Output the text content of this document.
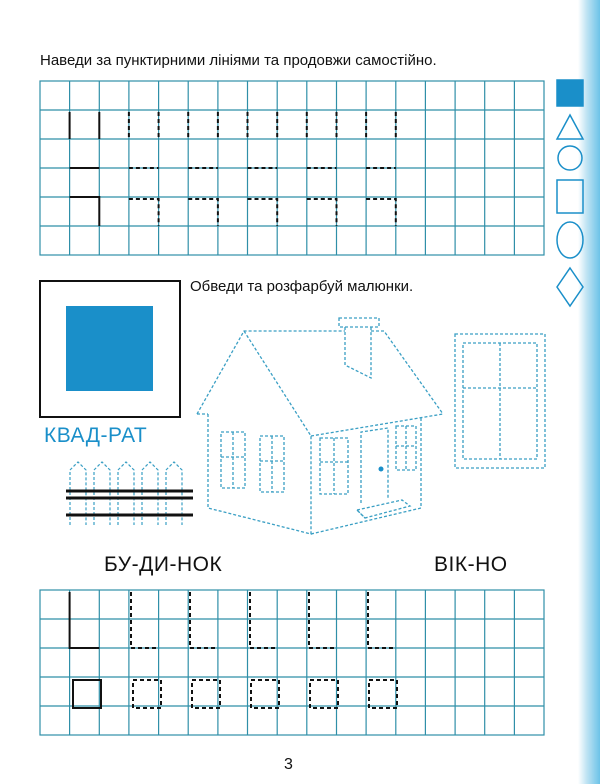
Наведи за пунктирними лініями та продовжи самостійно.
Обведи та розфарбуй малюнки.
КВАД-РАТ
БУ-ДИ-НОК	ВІК-НО
3
